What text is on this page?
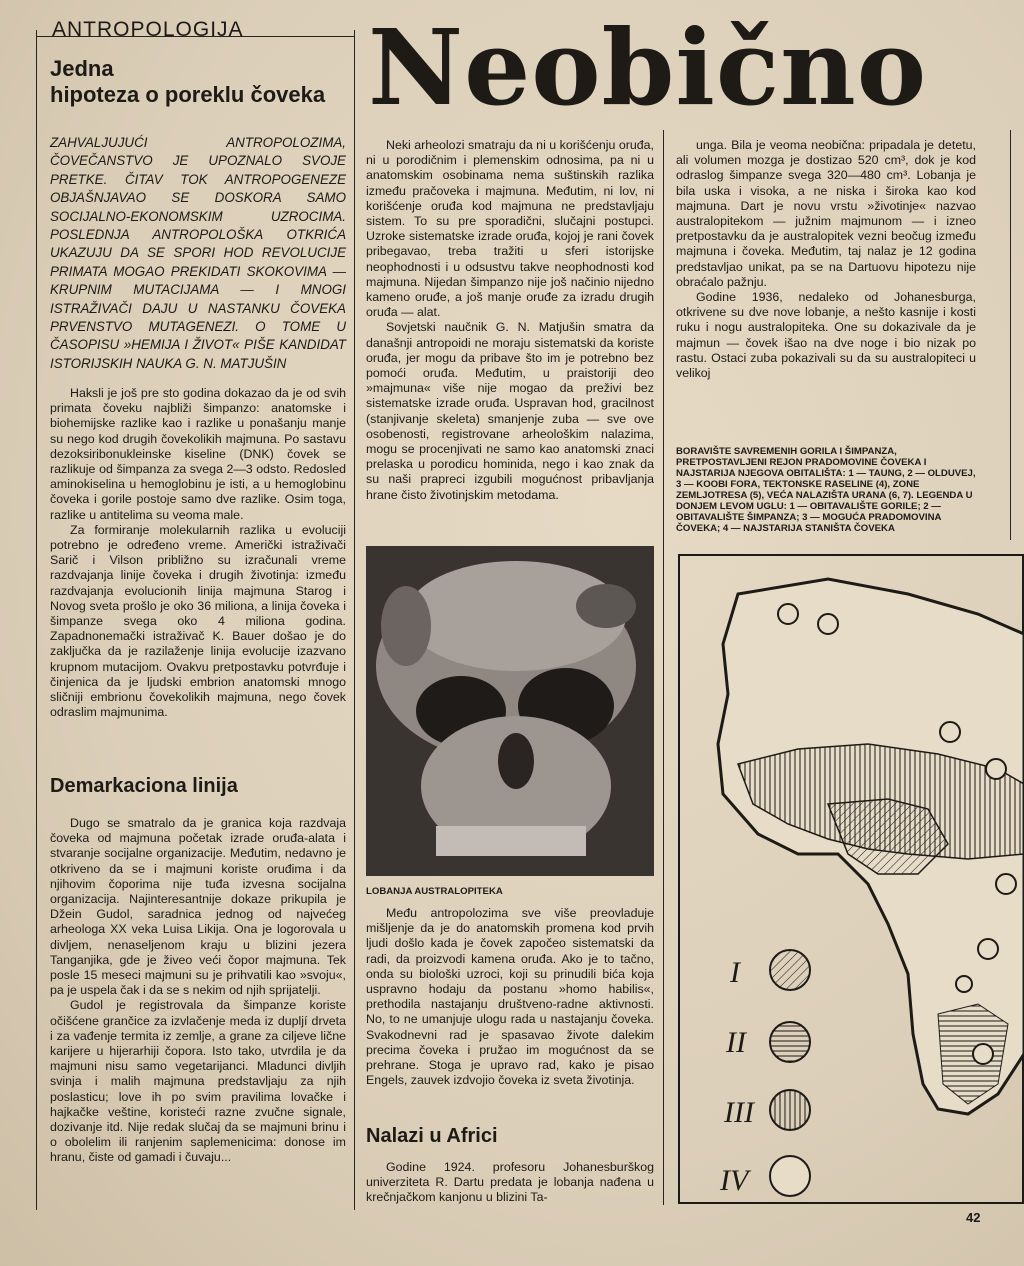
ANTROPOLOGIJA
Jedna
hipoteza o poreklu čoveka Neobično
ZAHVALJUJUĆI ANTROPOLOZIMA, ČOVEČANSTVO JE UPOZNALO SVOJE PRETKE. ČITAV TOK ANTROPOGENEZE OBJAŠNJAVAO SE DOSKORA SAMO SOCIJALNO-EKONOMSKIM UZROCIMA. POSLEDNJA ANTROPOLOŠKA OTKRIĆA UKAZUJU DA SE SPORI HOD REVOLUCIJE PRIMATA MOGAO PREKIDATI SKOKOVIMA — KRUPNIM MUTACIJAMA — I MNOGI ISTRAŽIVAČI DAJU U NASTANKU ČOVEKA PRVENSTVO MUTAGENEZI. O TOME U ČASOPISU »HEMIJA I ŽIVOT« PIŠE KANDIDAT ISTORIJSKIH NAUKA G. N. MATJUŠIN

Haksli je još pre sto godina dokazao da je od svih primata čoveku najbliži šimpanzo: anatomske i biohemijske razlike kao i razlike u ponašanju manje su nego kod drugih čovekolikih majmuna. Po sastavu dezoksiribonukleinske kiseline (DNK) čovek se razlikuje od šimpanza za svega 2—3 odsto. Redosled aminokiselina u hemoglobinu je isti, a u hemoglobinu čoveka i gorile postoje samo dve razlike. Osim toga, razlike u antitelima su veoma male.

Za formiranje molekularnih razlika u evoluciji potrebno je određeno vreme. Američki istraživači Sarič i Vilson približno su izračunali vreme razdvajanja linije čoveka i drugih životinja: između razdvajanja evolucionih linija majmuna Starog i Novog sveta prošlo je oko 36 miliona, a linija čoveka i šimpanze svega oko 4 miliona godina. Zapadnonemački istraživač K. Bauer došao je do zaključka da je razilaženje linija evolucije izazvano krupnom mutacijom. Ovakvu pretpostavku potvrđuje i činjenica da je ljudski embrion anatomski mnogo sličniji embrionu čovekolikih majmuna, nego čovek odraslim majmunima.

Demarkaciona linija

Dugo se smatralo da je granica koja razdvaja čoveka od majmuna početak izrade oruđa-alata i stvaranje socijalne organizacije. Međutim, nedavno je otkriveno da se i majmuni koriste oruđima i da njihovim čoporima nije tuđa izvesna socijalna organizacija. Najinteresantnije dokaze prikupila je Džein Gudol, saradnica jednog od najvećeg arheologa XX veka Luisa Likija. Ona je logorovala u divljem, nenaseljenom kraju u blizini jezera Tanganjika, gde je živeo veći čopor majmuna. Tek posle 15 meseci majmuni su je prihvatili kao »svoju«, pa je uspela čak i da se s nekim od njih sprijatelji.

Gudol je registrovala da šimpanze koriste očišćene grančice za izvlačenje meda iz dupljí drveta i za vađenje termita iz zemlje, a grane za ciljeve lične karijere u hijerarhiji čopora. Isto tako, utvrdila je da majmuni nisu samo vegetarijanci. Mladunci divljih svinja i malih majmuna predstavljaju za njih poslasticu; love ih po svim pravilima lovačke i hajkačke veštine, koristeći razne zvučne signale, dozivanje itd. Nije redak slučaj da se majmuni brinu i o obolelim ili ranjenim saplemenicima: donose im hranu, čiste od gamadi i čuvaju...

Neki arheolozi smatraju da ni u korišćenju oruđa, ni u porodičnim i plemenskim odnosima, pa ni u anatomskim osobinama nema suštinskih razlika između pračoveka i majmuna. Međutim, ni lov, ni korišćenje oruđa kod majmuna ne predstavljaju sistem. To su pre sporadični, slučajni postupci. Uzroke sistematske izrade oruđa, kojoj je rani čovek pribegavao, treba tražiti u sferi istorijske neophodnosti i u odsustvu takve neophodnosti kod majmuna. Nijedan šimpanzo nije još načinio nijedno kameno oruđe, a još manje oruđe za izradu drugih oruđa — alat.

Sovjetski naučnik G. N. Matjušin smatra da današnji antropoidi ne moraju sistematski da koriste oruđa, jer mogu da pribave što im je potrebno bez pomoći oruđa. Međutim, u praistoriji deo »majmuna« više nije mogao da preživi bez sistematske izrade oruđa. Uspravan hod, gracilnost (stanjivanje skeleta) smanjenje zuba — sve ove osobenosti, registrovane arheološkim nalazima, mogu se procenjivati ne samo kao anatomski znaci prelaska u porodicu hominida, nego i kao znak da su naši prapreci izgubili mogućnost pribavljanja hrane čisto životinjskim metodama.

LOBANJA AUSTRALOPITEKA

Među antropolozima sve više preovladuje mišljenje da je do anatomskih promena kod prvih ljudi došlo kada je čovek započeo sistematski da radi, da proizvodi kamena oruđa. Ako je to tačno, onda su biološki uzroci, koji su prinudili bića koja uspravno hodaju da postanu »homo habilis«, prethodila nastajanju društveno-radne aktivnosti. No, to ne umanjuje ulogu rada u nastajanju čoveka. Svakodnevni rad je spasavao živote dalekim precima čoveka i pružao im mogućnost da se prehrane. Stoga je upravo rad, kako je pisao Engels, zauvek izdvojio čoveka iz sveta životinja.

Nalazi u Africi

Godine 1924. profesoru Johanesburškog univerziteta R. Dartu predata je lobanja nađena u krečnjačkom kanjonu u blizini Ta-

unga. Bila je veoma neobična: pripadala je detetu, ali volumen mozga je dostizao 520 cm³, dok je kod odraslog šimpanze svega 320—480 cm³. Lobanja je bila uska i visoka, a ne niska i široka kao kod majmuna. Dart je novu vrstu »životinje« nazvao australopitekom — južnim majmunom — i izneo pretpostavku da je australopitek vezni beočug između majmuna i čoveka. Međutim, taj nalaz je 12 godina predstavljao unikat, pa se na Dartuovu hipotezu nije obraćalo pažnju.

Godine 1936, nedaleko od Johanesburga, otkrivene su dve nove lobanje, a nešto kasnije i kosti ruku i nogu australopiteka. One su dokazivale da je majmun — čovek išao na dve noge i bio nizak po rastu. Ostaci zuba pokazivali su da su australopiteci u velikoj

BORAVIŠTE SAVREMENIH GORILA I ŠIMPANZA, PRETPOSTAVLJENI REJON PRADOMOVINE ČOVEKA I NAJSTARIJA NJEGOVA OBITALIŠTA: 1 — TAUNG, 2 — OLDUVEJ, 3 — KOOBI FORA, TEKTONSKE RASELINE (4), ZONE ZEMLJOTRESA (5), VEĆA NALAZIŠTA URANA (6, 7). LEGENDA U DONJEM LEVOM UGLU: 1 — OBITAVALIŠTE GORILE; 2 — OBITAVALIŠTE ŠIMPANZA; 3 — MOGUĆA PRADOMOVINA ČOVEKA; 4 — NAJSTARIJA STANIŠTA ČOVEKA
I
II
III
IV
42
